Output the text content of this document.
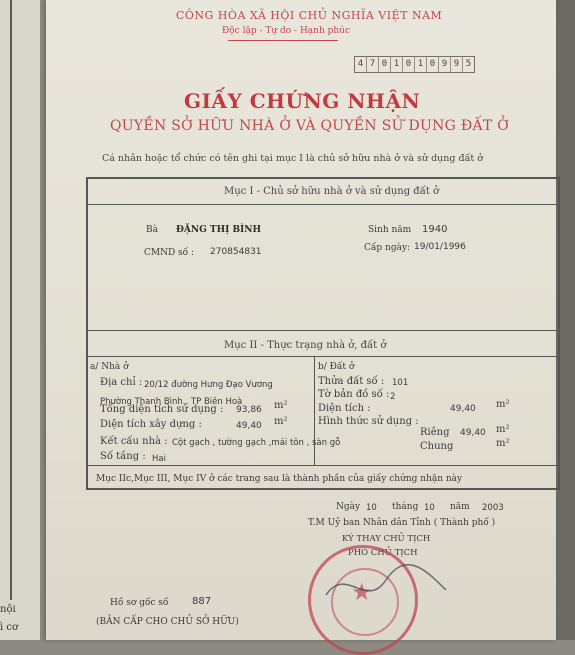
nội
ì cơ
CÔNG HÒA XÃ HỘI CHỦ NGHĨA VIỆT NAM
Độc lập - Tự do - Hạnh phúc
4 7 0 1 0 1 0 9 9 5
GIẤY CHỨNG NHẬN
QUYỀN SỞ HỮU NHÀ Ở VÀ QUYỀN SỬ DỤNG ĐẤT Ở
Cá nhân hoặc tổ chức có tên ghi tại mục I là chủ sở hữu nhà ở và sử dụng đất ở
Mục I - Chủ sở hữu nhà ở và sử dụng đất ở
Bà ĐẶNG THỊ BÌNH	Sinh năm 1940
CMND số : 270854831	Cấp ngày: 19/01/1996
Mục II - Thực trạng nhà ở, đất ở
a/ Nhà ở
Địa chỉ : 20/12 đường Hưng Đạo Vương
Phường Thanh Bình , TP Biên Hoà
Tổng diện tích sử dụng : 93,86 m²
Diện tích xây dựng :	49,40 m²
Kết cấu nhà : Cột gạch , tường gạch ,mái tôn , sàn gỗ
Số tầng : Hai
b/ Đất ở
Thửa đất số : 101
Tờ bản đồ số : 2
Diện tích :	49,40 m²
Hình thức sử dụng :
Riêng 49,40 m²
Chung	m²
Mục IIc,Mục III, Mục IV ở các trang sau là thành phần của giấy chứng nhận này
Ngày 10 tháng 10 năm 2003
T.M Uỷ ban Nhân dân Tỉnh ( Thành phố )
KÝ THAY CHỦ TỊCH
PHÓ CHỦ TỊCH
★
Hồ sơ gốc số 887
(BẢN CẤP CHO CHỦ SỞ HỮU)
